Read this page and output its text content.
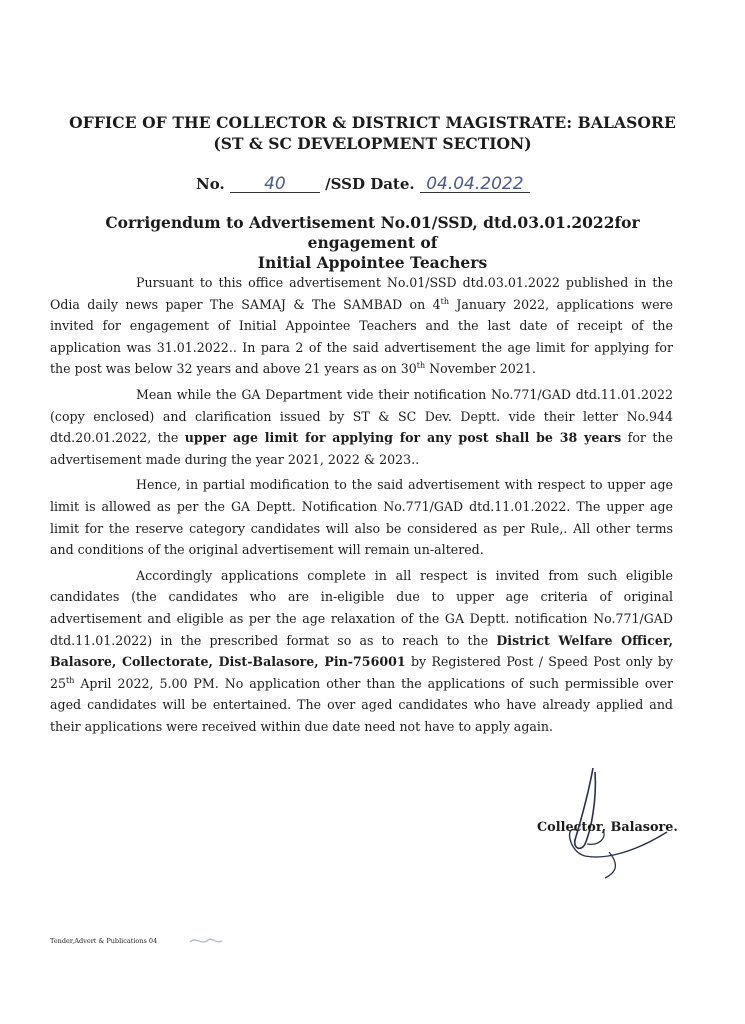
OFFICE OF THE COLLECTOR & DISTRICT MAGISTRATE: BALASORE
(ST & SC DEVELOPMENT SECTION)
No. 40	/SSD Date. 04.04.2022
Corrigendum to Advertisement No.01/SSD, dtd.03.01.2022for engagement of
Initial Appointee Teachers

Pursuant to this office advertisement No.01/SSD dtd.03.01.2022 published in the Odia daily news paper The SAMAJ & The SAMBAD on 4th January 2022, applications were invited for engagement of Initial Appointee Teachers and the last date of receipt of the application was 31.01.2022.. In para 2 of the said advertisement the age limit for applying for the post was below 32 years and above 21 years as on 30th November 2021.

Mean while the GA Department vide their notification No.771/GAD dtd.11.01.2022 (copy enclosed) and clarification issued by ST & SC Dev. Deptt. vide their letter No.944 dtd.20.01.2022, the upper age limit for applying for any post shall be 38 years for the advertisement made during the year 2021, 2022 & 2023..

Hence, in partial modification to the said advertisement with respect to upper age limit is allowed as per the GA Deptt. Notification No.771/GAD dtd.11.01.2022. The upper age limit for the reserve category candidates will also be considered as per Rule,. All other terms and conditions of the original advertisement will remain un-altered.

Accordingly applications complete in all respect is invited from such eligible candidates (the candidates who are in-eligible due to upper age criteria of original advertisement and eligible as per the age relaxation of the GA Deptt. notification No.771/GAD dtd.11.01.2022) in the prescribed format so as to reach to the District Welfare Officer, Balasore, Collectorate, Dist-Balasore, Pin-756001 by Registered Post / Speed Post only by 25th April 2022, 5.00 PM. No application other than the applications of such permissible over aged candidates will be entertained. The over aged candidates who have already applied and their applications were received within due date need not have to apply again.

Collector, Balasore.
Tender,Advert & Publications 04
